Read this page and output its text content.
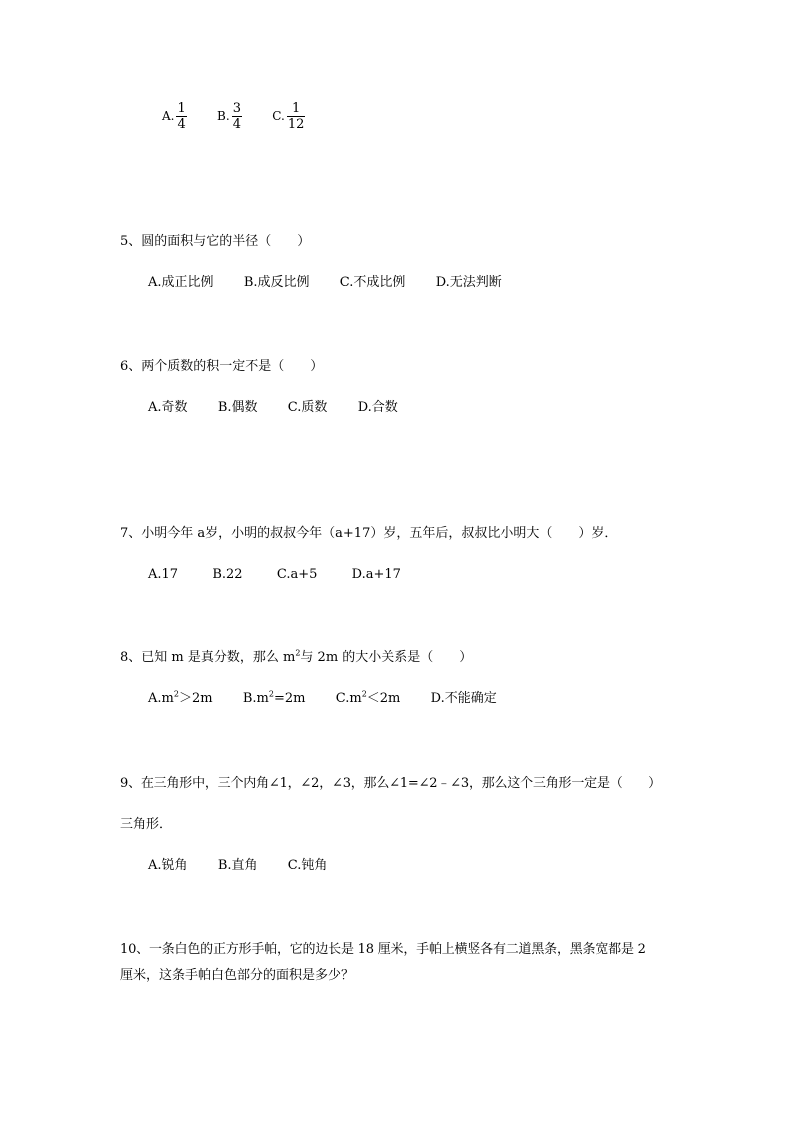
A. $\frac{1}{4}$	B. $\frac{3}{4}$	C. $\frac{1}{12}$
5、圆的面积与它的半径（　　）
A.成正比例 B.成反比例 C.不成比例 D.无法判断
6、两个质数的积一定不是（　　）
A.奇数 B.偶数 C.质数 D.合数
7、小明今年 a岁，小明的叔叔今年（a+17）岁，五年后，叔叔比小明大（　　）岁．
A.17	B.22	C.a+5	D.a+17
8、已知 m 是真分数，那么 $m^2$与 2m 的大小关系是（　　）
$A.m^2>2m$ $B.m^2=2m$ $C.m^2<2m$ D.不能确定
9、在三角形中，三个内角∠1，∠2，∠3，那么∠1=∠2﹣∠3，那么这个三角形一定是（　　）
三角形．
A.锐角 B.直角 C.钝角
10、一条白色的正方形手帕，它的边长是 18 厘米，手帕上横竖各有二道黑条，黑条宽都是 2
厘米，这条手帕白色部分的面积是多少？
